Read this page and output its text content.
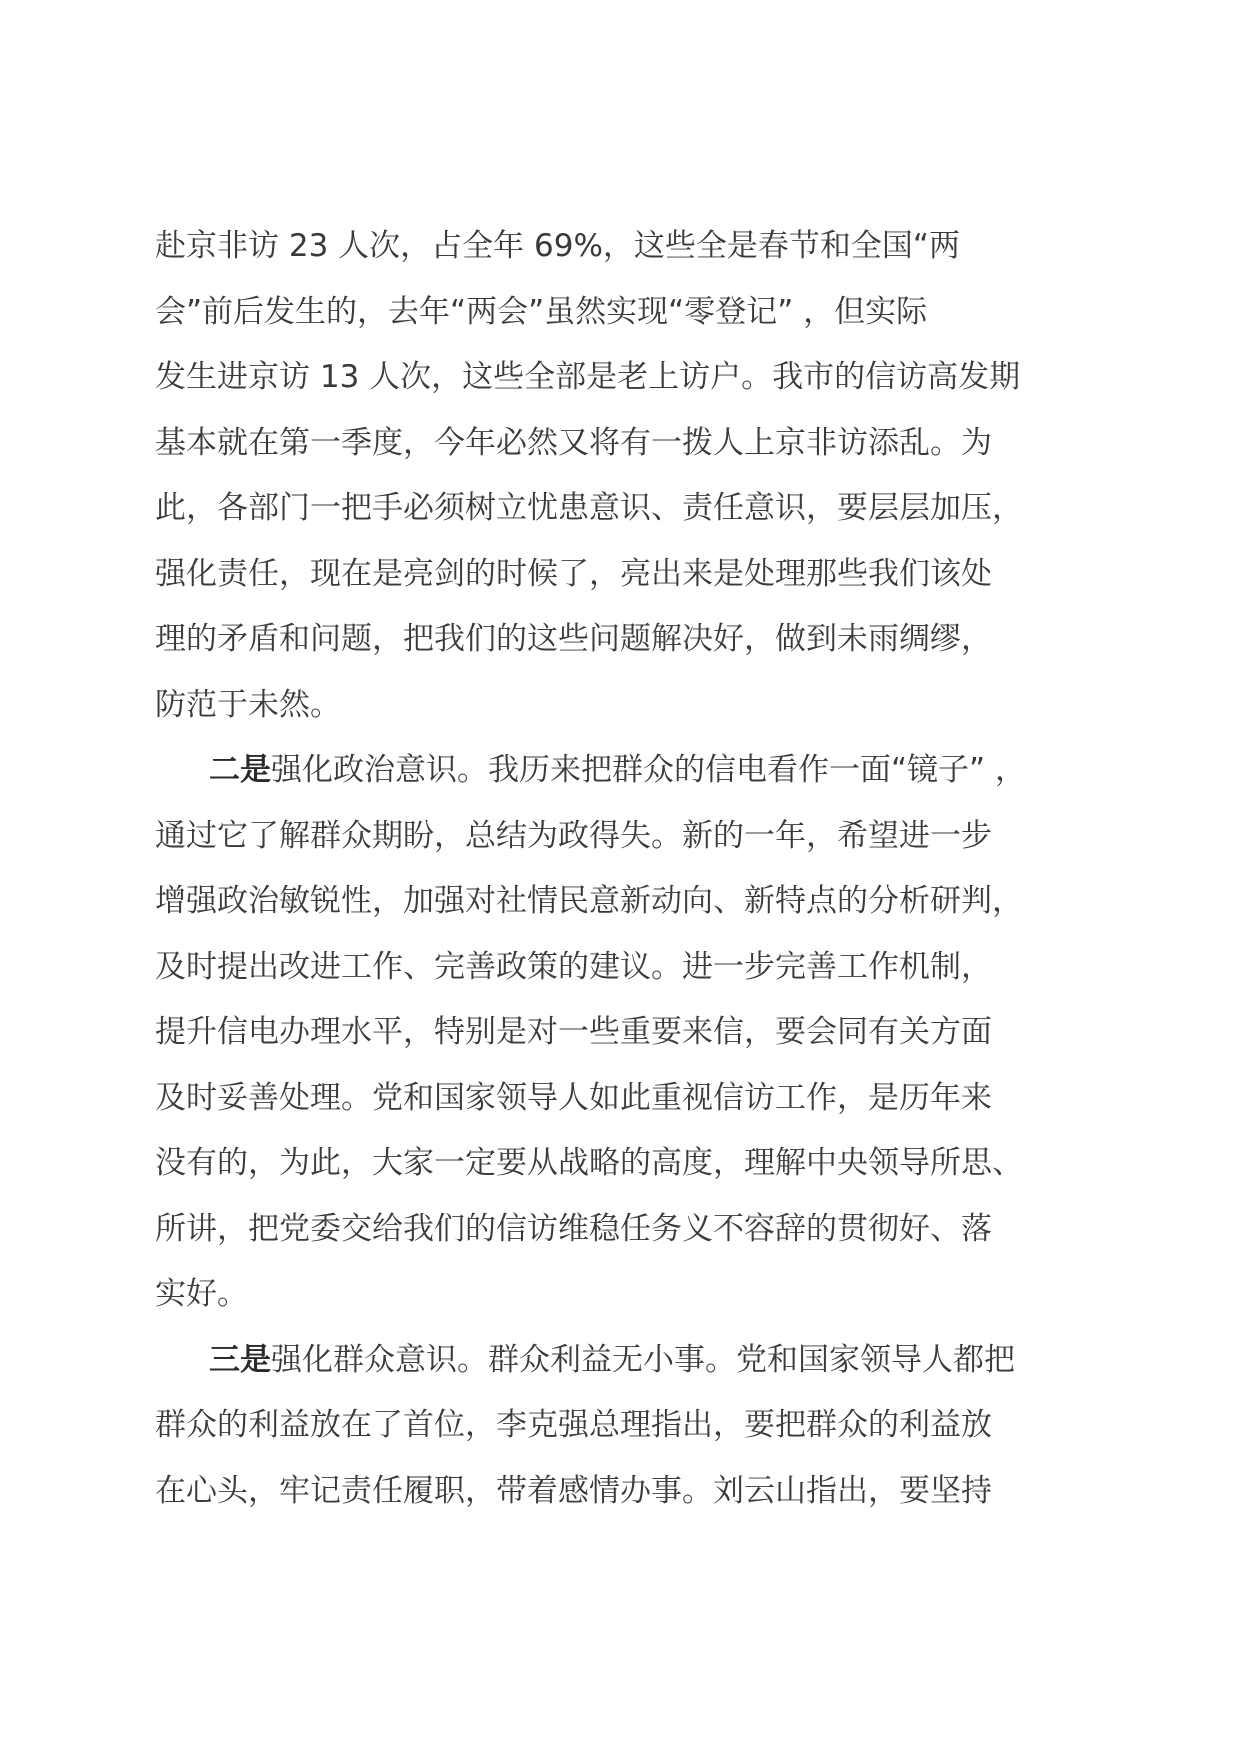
赴京非访 23 人次，占全年 69%，这些全是春节和全国“两
会”前后发生的，去年“两会”虽然实现“零登记” ，但实际
发生进京访 13 人次，这些全部是老上访户。我市的信访高发期
基本就在第一季度，今年必然又将有一拨人上京非访添乱。为
此，各部门一把手必须树立忧患意识、责任意识，要层层加压，
强化责任，现在是亮剑的时候了，亮出来是处理那些我们该处
理的矛盾和问题，把我们的这些问题解决好，做到未雨绸缪，
防范于未然。
二是强化政治意识。我历来把群众的信电看作一面“镜子” ，
通过它了解群众期盼，总结为政得失。新的一年，希望进一步
增强政治敏锐性，加强对社情民意新动向、新特点的分析研判，
及时提出改进工作、完善政策的建议。进一步完善工作机制，
提升信电办理水平，特别是对一些重要来信，要会同有关方面
及时妥善处理。党和国家领导人如此重视信访工作，是历年来
没有的，为此，大家一定要从战略的高度，理解中央领导所思、
所讲，把党委交给我们的信访维稳任务义不容辞的贯彻好、落
实好。
三是强化群众意识。群众利益无小事。党和国家领导人都把
群众的利益放在了首位，李克强总理指出，要把群众的利益放
在心头，牢记责任履职，带着感情办事。刘云山指出，要坚持
